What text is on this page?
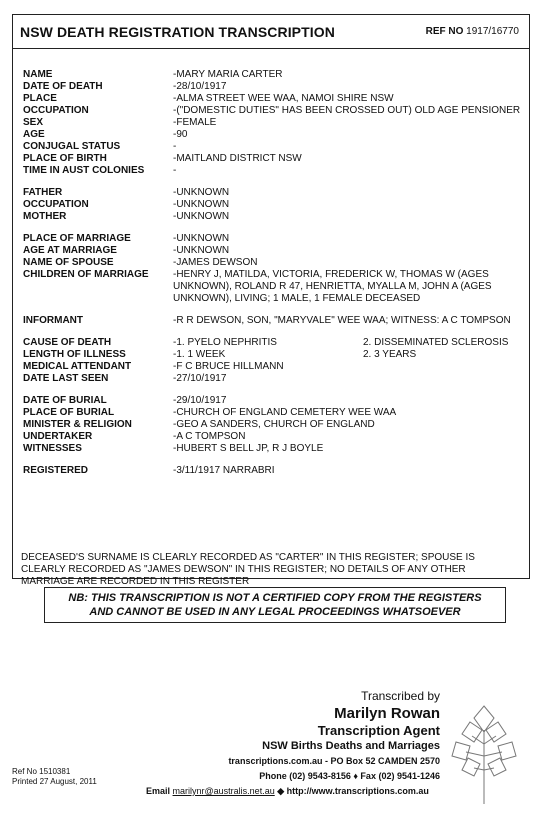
NSW DEATH REGISTRATION TRANSCRIPTION	REF NO 1917/16770
NAME	-MARY MARIA CARTER
DATE OF DEATH	-28/10/1917
PLACE	-ALMA STREET WEE WAA, NAMOI SHIRE NSW
OCCUPATION	-("DOMESTIC DUTIES" HAS BEEN CROSSED OUT) OLD AGE PENSIONER
SEX	-FEMALE
AGE	-90
CONJUGAL STATUS	-
PLACE OF BIRTH	-MAITLAND DISTRICT NSW
TIME IN AUST COLONIES	-
FATHER	-UNKNOWN
OCCUPATION	-UNKNOWN
MOTHER	-UNKNOWN
PLACE OF MARRIAGE	-UNKNOWN
AGE AT MARRIAGE	-UNKNOWN
NAME OF SPOUSE	-JAMES DEWSON
CHILDREN OF MARRIAGE	-HENRY J, MATILDA, VICTORIA, FREDERICK W, THOMAS W (AGES UNKNOWN), ROLAND R 47, HENRIETTA, MYALLA M, JOHN A (AGES UNKNOWN), LIVING; 1 MALE, 1 FEMALE DECEASED
INFORMANT	-R R DEWSON, SON, "MARYVALE" WEE WAA; WITNESS: A C TOMPSON
CAUSE OF DEATH	-1. PYELO NEPHRITIS	2. DISSEMINATED SCLEROSIS
LENGTH OF ILLNESS	-1. 1 WEEK	2. 3 YEARS
MEDICAL ATTENDANT	-F C BRUCE HILLMANN
DATE LAST SEEN	-27/10/1917
DATE OF BURIAL	-29/10/1917
PLACE OF BURIAL	-CHURCH OF ENGLAND CEMETERY WEE WAA
MINISTER & RELIGION	-GEO A SANDERS, CHURCH OF ENGLAND
UNDERTAKER	-A C TOMPSON
WITNESSES	-HUBERT S BELL JP, R J BOYLE
REGISTERED	-3/11/1917 NARRABRI
DECEASED'S SURNAME IS CLEARLY RECORDED AS "CARTER" IN THIS REGISTER; SPOUSE IS CLEARLY RECORDED AS "JAMES DEWSON" IN THIS REGISTER; NO DETAILS OF ANY OTHER MARRIAGE ARE RECORDED IN THIS REGISTER
NB: THIS TRANSCRIPTION IS NOT A CERTIFIED COPY FROM THE REGISTERS
AND CANNOT BE USED IN ANY LEGAL PROCEEDINGS WHATSOEVER
Transcribed by
Marilyn Rowan
Transcription Agent
NSW Births Deaths and Marriages
transcriptions.com.au - PO Box 52 CAMDEN 2570
Phone (02) 9543-8156 ♦ Fax (02) 9541-1246
Email marilynr@australis.net.au ◆ http://www.transcriptions.com.au
Ref No 1510381
Printed 27 August, 2011
